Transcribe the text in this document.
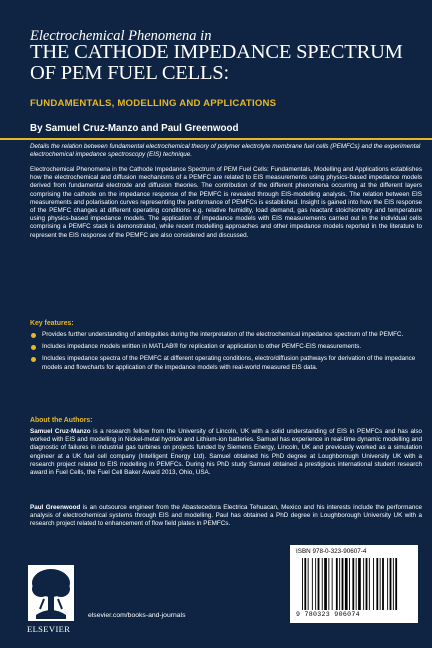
Electrochemical Phenomena in
THE CATHODE IMPEDANCE SPECTRUM OF PEM FUEL CELLS:
FUNDAMENTALS, MODELLING AND APPLICATIONS
By Samuel Cruz-Manzo and Paul Greenwood
Details the relation between fundamental electrochemical theory of polymer electrolyte membrane fuel cells (PEMFCs) and the experimental electrochemical impedance spectroscopy (EIS) technique.
Electrochemical Phenomena in the Cathode Impedance Spectrum of PEM Fuel Cells: Fundamentals, Modelling and Applications establishes how the electrochemical and diffusion mechanisms of a PEMFC are related to EIS measurements using physics-based impedance models derived from fundamental electrode and diffusion theories. The contribution of the different phenomena occurring at the different layers comprising the cathode on the impedance response of the PEMFC is revealed through EIS-modelling analysis. The relation between EIS measurements and polarisation curves representing the performance of PEMFCs is established. Insight is gained into how the EIS response of the PEMFC changes at different operating conditions e.g. relative humidity, load demand, gas reactant stoichiometry and temperature using physics-based impedance models. The application of impedance models with EIS measurements carried out in the individual cells comprising a PEMFC stack is demonstrated, while recent modelling approaches and other impedance models reported in the literature to represent the EIS response of the PEMFC are also considered and discussed.
Key features:
Provides further understanding of ambiguities during the interpretation of the electrochemical impedance spectrum of the PEMFC.
Includes impedance models written in MATLAB® for replication or application to other PEMFC-EIS measurements.
Includes impedance spectra of the PEMFC at different operating conditions, electro/diffusion pathways for derivation of the impedance models and flowcharts for application of the impedance models with real-world measured EIS data.
About the Authors:
Samuel Cruz-Manzo is a research fellow from the University of Lincoln, UK with a solid understanding of EIS in PEMFCs and has also worked with EIS and modelling in Nickel-metal hydride and Lithium-ion batteries. Samuel has experience in real-time dynamic modelling and diagnostic of failures in industrial gas turbines on projects funded by Siemens Energy, Lincoln, UK and previously worked as a simulation engineer at a UK fuel cell company (Intelligent Energy Ltd). Samuel obtained his PhD degree at Loughborough University UK with a research project related to EIS modelling in PEMFCs. During his PhD study Samuel obtained a prestigious international student research award in Fuel Cells, the Fuel Cell Baker Award 2013, Ohio, USA.
Paul Greenwood is an outsource engineer from the Abastecedora Electrica Tehuacan, Mexico and his interests include the performance analysis of electrochemical systems through EIS and modelling. Paul has obtained a PhD degree in Loughborough University UK with a research project related to enhancement of flow field plates in PEMFCs.
ELSEVIER
elsevier.com/books-and-journals
ISBN 978-0-323-90607-4
9 780323 906074
